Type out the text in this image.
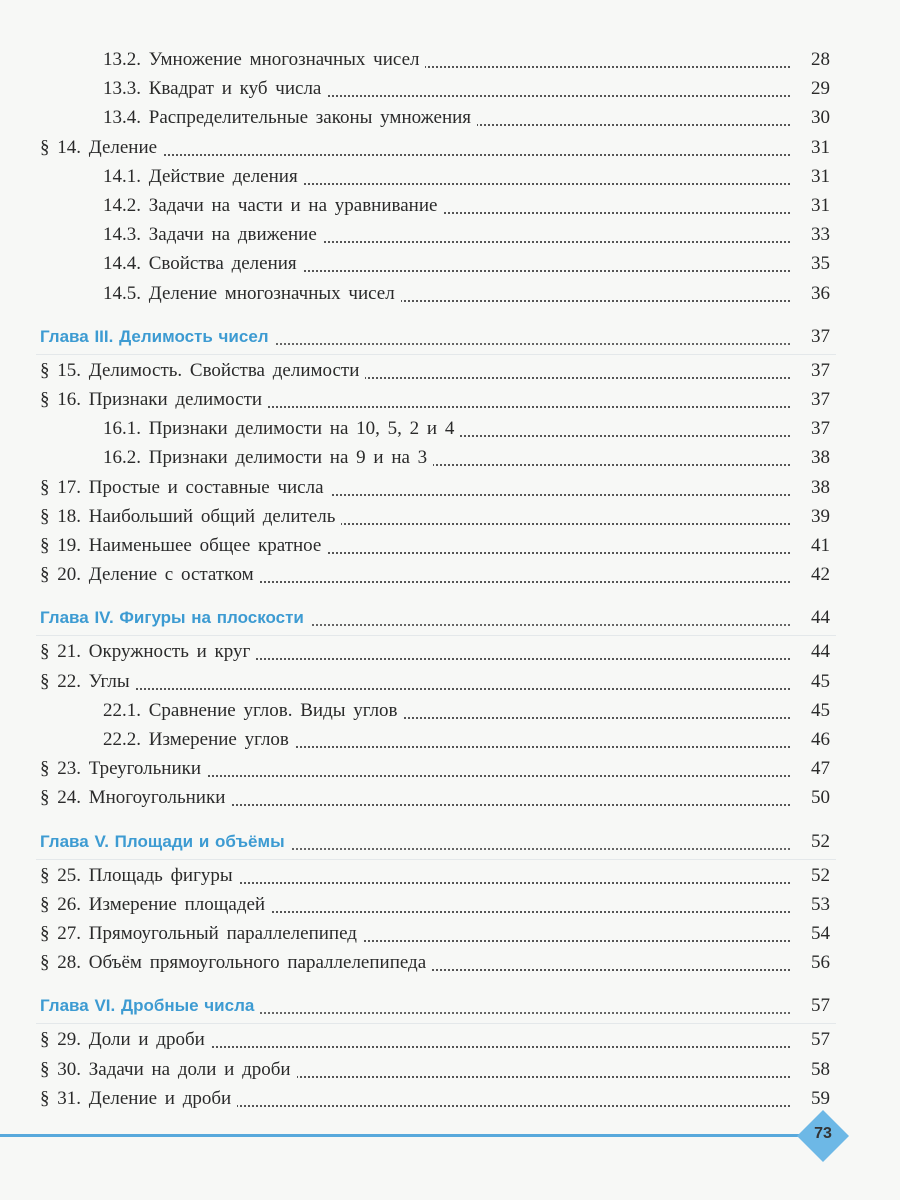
13.2. Умножение многозначных чисел	28
13.3. Квадрат и куб числа	29
13.4. Распределительные законы умножения	30
§ 14. Деление	31
14.1. Действие деления	31
14.2. Задачи на части и на уравнивание	31
14.3. Задачи на движение	33
14.4. Свойства деления	35
14.5. Деление многозначных чисел	36
Глава III. Делимость чисел	37
§ 15. Делимость. Свойства делимости	37
§ 16. Признаки делимости	37
16.1. Признаки делимости на 10, 5, 2 и 4	37
16.2. Признаки делимости на 9 и на 3	38
§ 17. Простые и составные числа	38
§ 18. Наибольший общий делитель	39
§ 19. Наименьшее общее кратное	41
§ 20. Деление с остатком	42
Глава IV. Фигуры на плоскости	44
§ 21. Окружность и круг	44
§ 22. Углы	45
22.1. Сравнение углов. Виды углов	45
22.2. Измерение углов	46
§ 23. Треугольники	47
§ 24. Многоугольники	50
Глава V. Площади и объёмы	52
§ 25. Площадь фигуры	52
§ 26. Измерение площадей	53
§ 27. Прямоугольный параллелепипед	54
§ 28. Объём прямоугольного параллелепипеда	56
Глава VI. Дробные числа	57
§ 29. Доли и дроби	57
§ 30. Задачи на доли и дроби	58
§ 31. Деление и дроби	59
73
